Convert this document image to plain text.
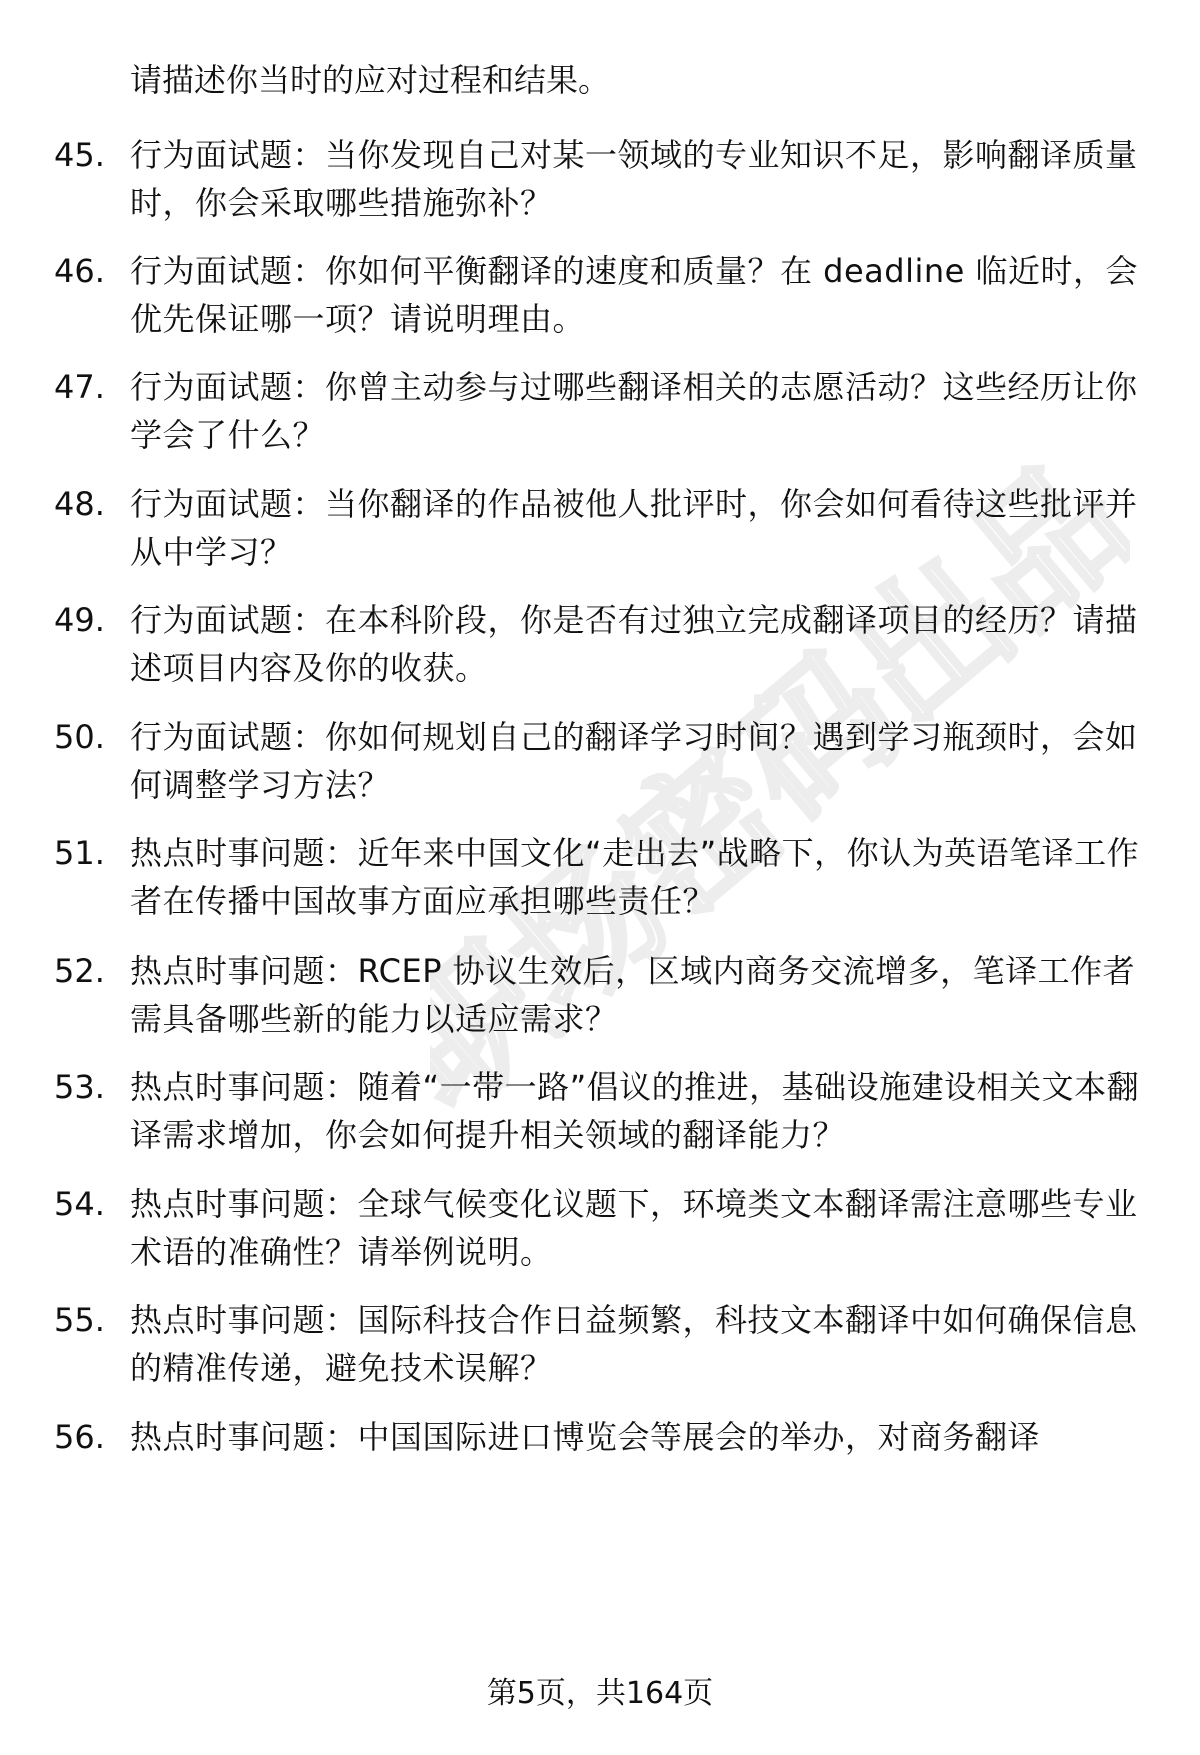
职场密码出品

请描述你当时的应对过程和结果。

45. 行为面试题：当你发现自己对某一领域的专业知识不足，影响翻译质量时，你会采取哪些措施弥补？

46. 行为面试题：你如何平衡翻译的速度和质量？在 deadline 临近时，会优先保证哪一项？请说明理由。

47. 行为面试题：你曾主动参与过哪些翻译相关的志愿活动？这些经历让你学会了什么？

48. 行为面试题：当你翻译的作品被他人批评时，你会如何看待这些批评并从中学习？

49. 行为面试题：在本科阶段，你是否有过独立完成翻译项目的经历？请描述项目内容及你的收获。

50. 行为面试题：你如何规划自己的翻译学习时间？遇到学习瓶颈时，会如何调整学习方法？

51. 热点时事问题：近年来中国文化“走出去”战略下，你认为英语笔译工作者在传播中国故事方面应承担哪些责任？

52. 热点时事问题：RCEP 协议生效后，区域内商务交流增多，笔译工作者需具备哪些新的能力以适应需求？

53. 热点时事问题：随着“一带一路”倡议的推进，基础设施建设相关文本翻译需求增加，你会如何提升相关领域的翻译能力？

54. 热点时事问题：全球气候变化议题下，环境类文本翻译需注意哪些专业术语的准确性？请举例说明。

55. 热点时事问题：国际科技合作日益频繁，科技文本翻译中如何确保信息的精准传递，避免技术误解？

56. 热点时事问题：中国国际进口博览会等展会的举办，对商务翻译

第5页，共164页
